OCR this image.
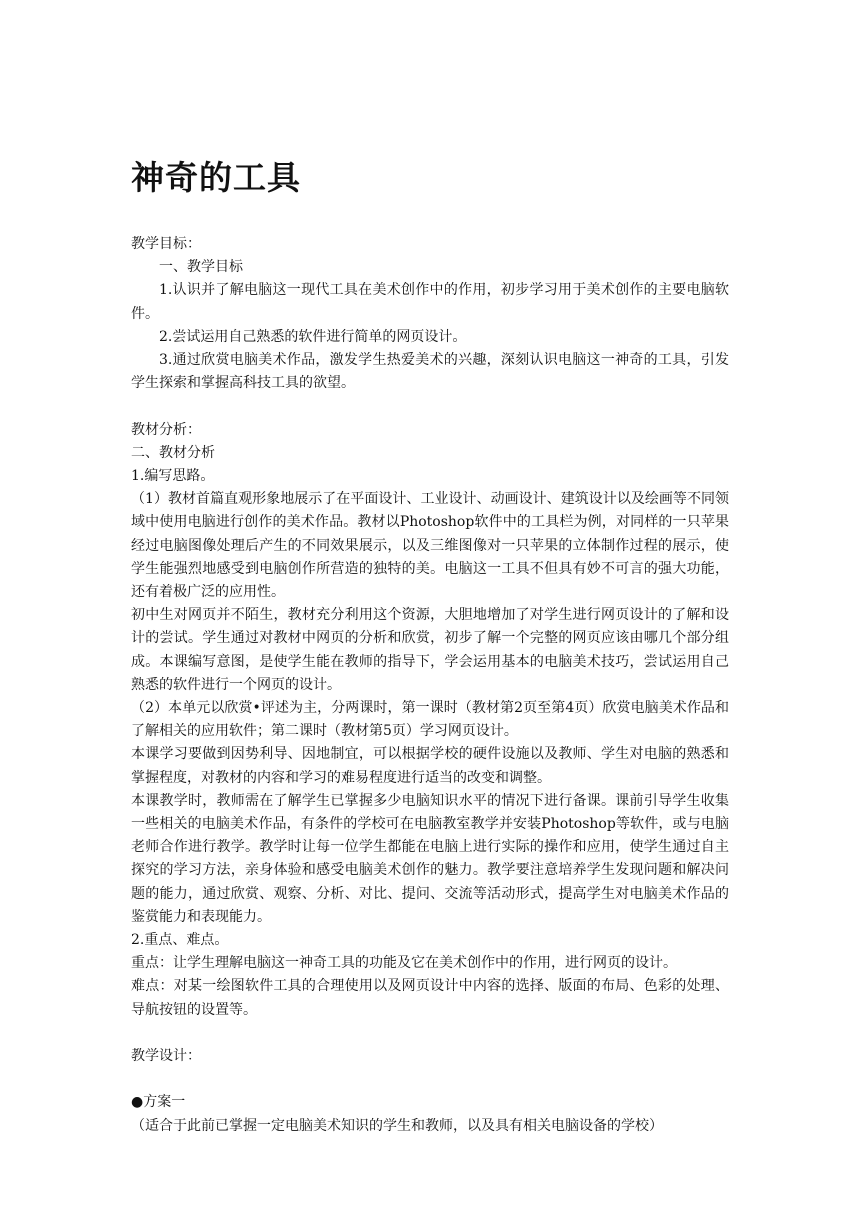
神奇的工具

教学目标：

一、教学目标

1.认识并了解电脑这一现代工具在美术创作中的作用，初步学习用于美术创作的主要电脑软件。

2.尝试运用自己熟悉的软件进行简单的网页设计。

3.通过欣赏电脑美术作品，激发学生热爱美术的兴趣，深刻认识电脑这一神奇的工具，引发学生探索和掌握高科技工具的欲望。

教材分析：

二、教材分析

1.编写思路。

（1）教材首篇直观形象地展示了在平面设计、工业设计、动画设计、建筑设计以及绘画等不同领域中使用电脑进行创作的美术作品。教材以Photoshop软件中的工具栏为例，对同样的一只苹果经过电脑图像处理后产生的不同效果展示，以及三维图像对一只苹果的立体制作过程的展示，使学生能强烈地感受到电脑创作所营造的独特的美。电脑这一工具不但具有妙不可言的强大功能，还有着极广泛的应用性。

初中生对网页并不陌生，教材充分利用这个资源，大胆地增加了对学生进行网页设计的了解和设计的尝试。学生通过对教材中网页的分析和欣赏，初步了解一个完整的网页应该由哪几个部分组成。本课编写意图，是使学生能在教师的指导下，学会运用基本的电脑美术技巧，尝试运用自己熟悉的软件进行一个网页的设计。

（2）本单元以欣赏•评述为主，分两课时，第一课时（教材第2页至第4页）欣赏电脑美术作品和了解相关的应用软件；第二课时（教材第5页）学习网页设计。

本课学习要做到因势利导、因地制宜，可以根据学校的硬件设施以及教师、学生对电脑的熟悉和掌握程度，对教材的内容和学习的难易程度进行适当的改变和调整。

本课教学时，教师需在了解学生已掌握多少电脑知识水平的情况下进行备课。课前引导学生收集一些相关的电脑美术作品，有条件的学校可在电脑教室教学并安装Photoshop等软件，或与电脑老师合作进行教学。教学时让每一位学生都能在电脑上进行实际的操作和应用，使学生通过自主探究的学习方法，亲身体验和感受电脑美术创作的魅力。教学要注意培养学生发现问题和解决问题的能力，通过欣赏、观察、分析、对比、提问、交流等活动形式，提高学生对电脑美术作品的鉴赏能力和表现能力。

2.重点、难点。

重点：让学生理解电脑这一神奇工具的功能及它在美术创作中的作用，进行网页的设计。

难点：对某一绘图软件工具的合理使用以及网页设计中内容的选择、版面的布局、色彩的处理、导航按钮的设置等。

教学设计：

●方案一

（适合于此前已掌握一定电脑美术知识的学生和教师，以及具有相关电脑设备的学校）
